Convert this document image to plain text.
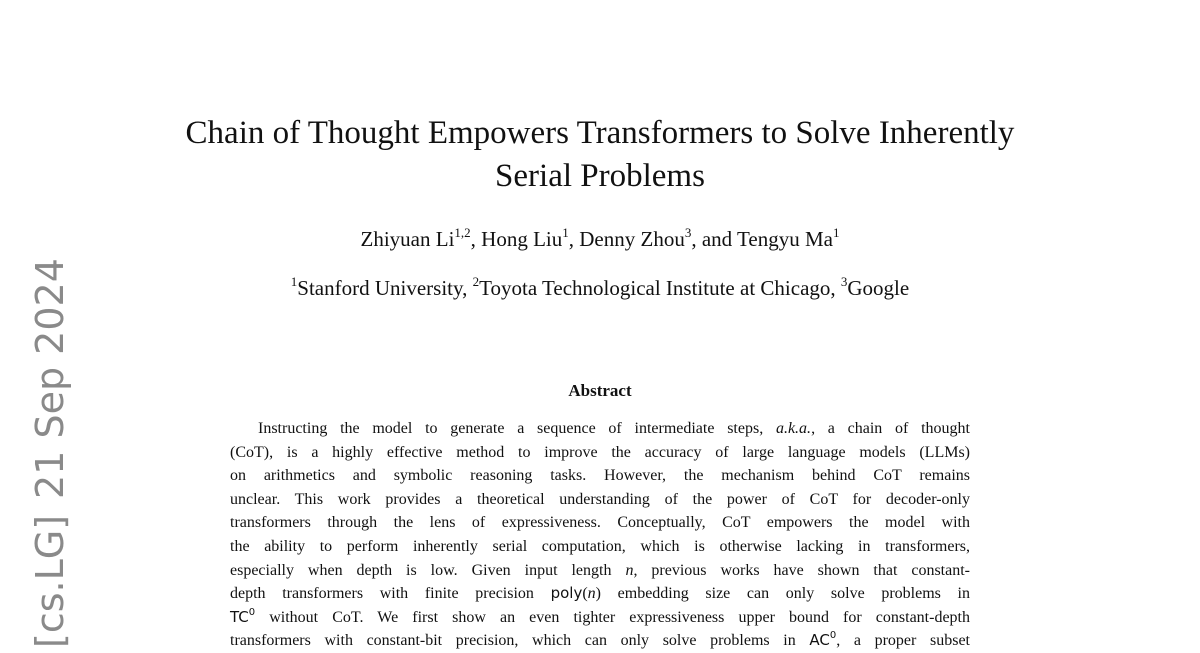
[cs.LG]21 Sep 2024
Chain of Thought Empowers Transformers to Solve Inherently
Serial Problems
Zhiyuan Li$^{1,2}$, Hong Liu$^1$, Denny Zhou$^3$, and Tengyu Ma$^1$
$^1$Stanford University, $^2$Toyota Technological Institute at Chicago, $^3$Google
Abstract
Instructing the model to generate a sequence of intermediate steps, a.k.a., a chain of thought
(CoT), is a highly effective method to improve the accuracy of large language models (LLMs)
on arithmetics and symbolic reasoning tasks. However, the mechanism behind CoT remains
unclear. This work provides a theoretical understanding of the power of CoT for decoder-only
transformers through the lens of expressiveness. Conceptually, CoT empowers the model with
the ability to perform inherently serial computation, which is otherwise lacking in transformers,
especially when depth is low. Given input length n, previous works have shown that constant-
depth transformers with finite precision poly(n) embedding size can only solve problems in
$TC^0$ without CoT. We first show an even tighter expressiveness upper bound for constant-depth
transformers with constant-bit precision, which can only solve problems in $AC^0$, a proper subset
